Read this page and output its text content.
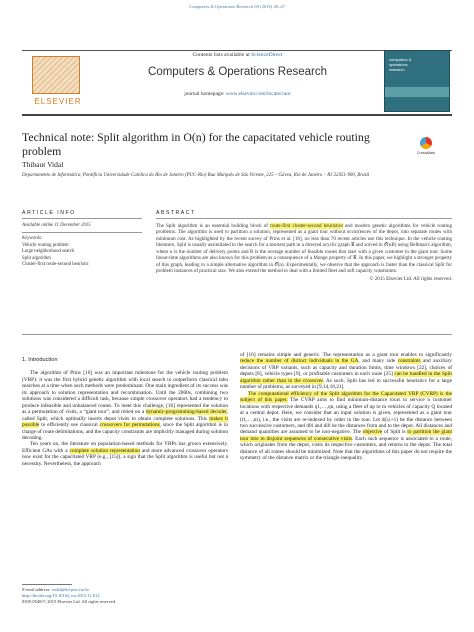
Computers & Operations Research 69 (2016) 40–47
ELSEVIER
Contents lists available at ScienceDirect
Computers & Operations Research
journal homepage: www.elsevier.com/locate/caor
computers &
operations
research
Technical note: Split algorithm in O(n) for the capacitated vehicle routing problem	CrossMark
Thibaut Vidal
Departamento de Informática, Pontifícia Universidade Católica do Rio de Janeiro (PUC-Rio) Rua Marquês de São Vicente, 225 – Gávea, Rio de Janeiro – RJ 22451-900, Brazil
ARTICLE INFO	ABSTRACT
Available online 11 December 2015
Keywords:
Vehicle routing problem
Large neighborhood search
Split algorithm
Cluster-first route-second heuristic

The Split algorithm is an essential building block of route-first cluster-second heuristics and modern genetic algorithms for vehicle routing problems. The algorithm is used to partition a solution, represented as a giant tour without occurrences of the depot, into separate routes with minimum cost. As highlighted by the recent survey of Prins et al. [18], no less than 70 recent articles use this technique. In the vehicle routing literature, Split is usually assimilated to the search for a shortest path in a directed acyclic graph 𝒢 and solved in 𝒪(nB) using Bellman's algorithm, where n is the number of delivery points and B is the average number of feasible routes that start with a given customer in the giant tour. Some linear-time algorithms are also known for this problem as a consequence of a Monge property of 𝒢. In this paper, we highlight a stronger property of this graph, leading to a simple alternative algorithm in 𝒪(n). Experimentally, we observe that the approach is faster than the classical Split for problem instances of practical size. We also extend the method to deal with a limited fleet and soft capacity constraints.

© 2015 Elsevier Ltd. All rights reserved.
1. Introduction

The algorithm of Prins [16] was an important milestone for the vehicle routing problem (VRP): it was the first hybrid genetic algorithm with local search to outperform classical tabu searches at a time when such methods were predominant. One main ingredient of its success was its approach to solution representation and recombination. Until the 2000s, combining two solutions was considered a difficult task, because simple crossover operators had a tendency to produce infeasible and unbalanced routes. To meet this challenge, [16] represented the solution as a permutation of visits, a “giant tour”, and relied on a dynamic-programming-based decoder, called Split, which optimally inserts depot visits to obtain complete solutions. This makes it possible to efficiently use classical crossovers for permutations, since the Split algorithm is in charge of route delimitations, and the capacity constraints are implicitly managed during solution decoding.

Ten years on, the literature on population-based methods for VRPs has grown extensively. Efficient GAs with a complete solution representation and more advanced crossover operators now exist for the capacitated VRP (e.g., [15]), a sign that the Split algorithm is useful but not a necessity. Nevertheless, the approach

of [16] remains simple and generic. The representation as a giant tour enables to significantly reduce the number of distinct individuals in the GA, and many side constraints and auxiliary decisions of VRP variants, such as capacity and duration limits, time windows [22], choices of depots [8], vehicle types [9], or profitable customers in each route [25] can be handled in the Split algorithm rather than in the crossover. As such, Split has led to successful heuristics for a large number of problems, as surveyed in [9,14,18,21].

The computational efficiency of the Split algorithm for the Capacitated VRP (CVRP) is the subject of this paper. The CVRP aims to find minimum-distance tours to service n customer locations with respective demands q1,…,qn, using a fleet of up to m vehicles of capacity Q located at a central depot. Here, we consider that an input solution is given, represented as a giant tour (t1,…,tn), i.e., the visits are re-indexed by order in the tour. Let d(i,i+1) be the distance between two successive customers, and d0i and di0 be the distances from and to the depot. All distances and demand quantities are assumed to be non-negative. The objective of Split is to partition the giant tour into m disjoint sequences of consecutive visits. Each such sequence is associated to a route, which originates from the depot, visits its respective customers, and returns to the depot. The total distance of all routes should be minimized. Note that the algorithms of this paper do not require the symmetry of the distance matrix or the triangle inequality.

E-mail address: vidal@inf.puc-rio.br
http://dx.doi.org/10.1016/j.cor.2015.11.012
0305-0548/© 2015 Elsevier Ltd. All rights reserved.
